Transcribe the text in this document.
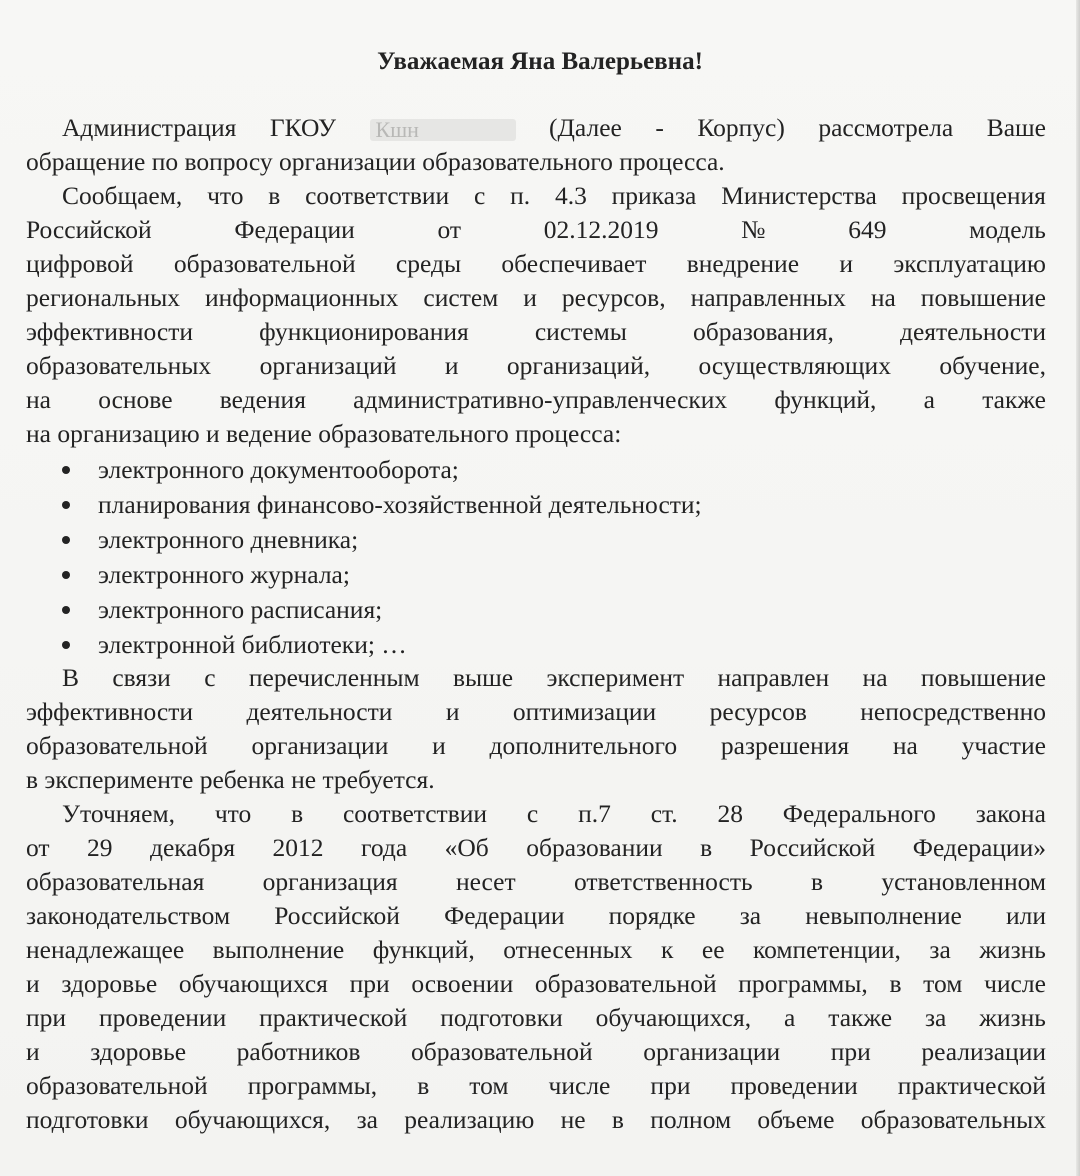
Уважаемая Яна Валерьевна!
Администрация ГКОУ Кшн	(Далее - Корпус) рассмотрела Ваше
обращение по вопросу организации образовательного процесса.
Сообщаем, что в соответствии с п. 4.3 приказа Министерства просвещения
Российской	Федерации	от	02.12.2019	№	649	модель
цифровой образовательной среды обеспечивает внедрение и эксплуатацию
региональных информационных систем и ресурсов, направленных на повышение
эффективности	функционирования	системы	образования,	деятельности
образовательных организаций и организаций, осуществляющих обучение,
на основе ведения административно-управленческих функций, а также
на организацию и ведение образовательного процесса:
электронного документооборота;
планирования финансово-хозяйственной деятельности;
электронного дневника;
электронного журнала;
электронного расписания;
электронной библиотеки; …
В связи с перечисленным выше эксперимент направлен на повышение
эффективности деятельности и оптимизации ресурсов непосредственно
образовательной организации и дополнительного разрешения на участие
в эксперименте ребенка не требуется.
Уточняем, что в соответствии с п.7 ст. 28 Федерального закона
от 29 декабря 2012 года «Об образовании в Российской Федерации»
образовательная организация несет ответственность в установленном
законодательством Российской Федерации порядке за невыполнение или
ненадлежащее выполнение функций, отнесенных к ее компетенции, за жизнь
и здоровье обучающихся при освоении образовательной программы, в том числе
при проведении практической подготовки обучающихся, а также за жизнь
и здоровье работников образовательной организации при реализации
образовательной программы, в том числе при проведении практической
подготовки обучающихся, за реализацию не в полном объеме образовательных
